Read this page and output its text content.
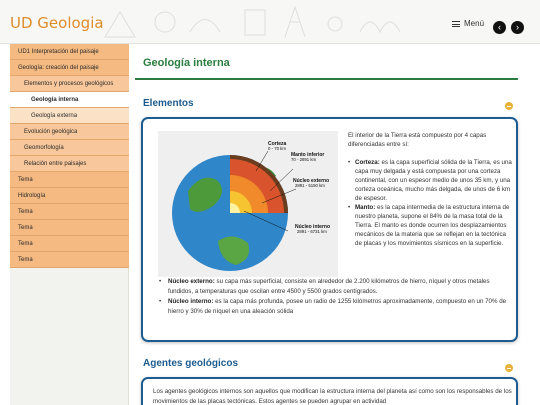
UD Geologia	Menú	‹	›
UD1 Interpretación del paisaje
Geología: creación del paisaje
Elementos y procesos geológicos
Geología interna
Geología externa
Evolución geológica
Geomorfología
Relación entre paisajes
Tema
Hidrología
Tema
Tema
Tema
Tema
Geología interna
Elementos
Corteza
0 - 70 km
Manto inferior
70 - 2891 km
Núcleo externo
2891 - 5150 km
Núcleo interno
2891 - 6731 km
El interior de la Tierra está compuesto por 4 capas diferenciadas entre sí:
• Corteza: es la capa superficial sólida de la Tierra, es una capa muy delgada y está compuesta por una corteza continental, con un espesor medio de unos 35 km, y una corteza oceánica, mucho más delgada, de unos de 6 km de espesor.
• Manto: es la capa intermedia de la estructura interna de nuestro planeta, supone el 84% de la masa total de la Tierra. El manto es donde ocurren los desplazamientos mecánicos de la materia que se reflejan en la tectónica de placas y los movimientos sísmicos en la superficie.
• Núcleo externo: su capa más superficial, consiste en alrededor de 2.200 kilómetros de hierro, níquel y otros metales fundidos, a temperaturas que oscilan entre 4500 y 5500 grados centígrados.
• Núcleo interno: es la capa más profunda, posee un radio de 1255 kilómetros aproximadamente, compuesto en un 70% de hierro y 30% de níquel en una aleación sólida
Agentes geológicos
Los agentes geológicos internos son aquellos que modifican la estructura interna del planeta así como son los responsables de los movimientos de las placas tectónicas. Estos agentes se pueden agrupar en actividad
